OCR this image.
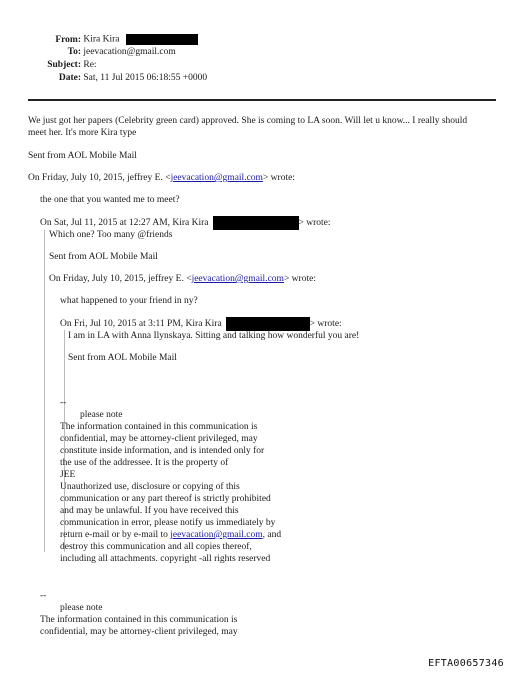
From: Kira Kira
To: jeevacation@gmail.com
Subject: Re:
Date: Sat, 11 Jul 2015 06:18:55 +0000
We just got her papers (Celebrity green card) approved. She is coming to LA soon. Will let u know... I really should meet her. It's more Kira type
Sent from AOL Mobile Mail
On Friday, July 10, 2015, jeffrey E. <jeevacation@gmail.com> wrote:
the one that you wanted me to meet?
On Sat, Jul 11, 2015 at 12:27 AM, Kira Kira	> wrote:
Which one? Too many @friends
Sent from AOL Mobile Mail
On Friday, July 10, 2015, jeffrey E. <jeevacation@gmail.com> wrote:
what happened to your friend in ny?
On Fri, Jul 10, 2015 at 3:11 PM, Kira Kira	> wrote:
I am in LA with Anna Ilynskaya. Sitting and talking how wonderful you are!
Sent from AOL Mobile Mail
--
please note
The information contained in this communication is
confidential, may be attorney-client privileged, may
constitute inside information, and is intended only for
the use of the addressee. It is the property of
JEE
Unauthorized use, disclosure or copying of this
communication or any part thereof is strictly prohibited
and may be unlawful. If you have received this
communication in error, please notify us immediately by
return e-mail or by e-mail to jeevacation@gmail.com, and
destroy this communication and all copies thereof,
including all attachments. copyright -all rights reserved
--
please note
The information contained in this communication is
confidential, may be attorney-client privileged, may
EFTA00657346
